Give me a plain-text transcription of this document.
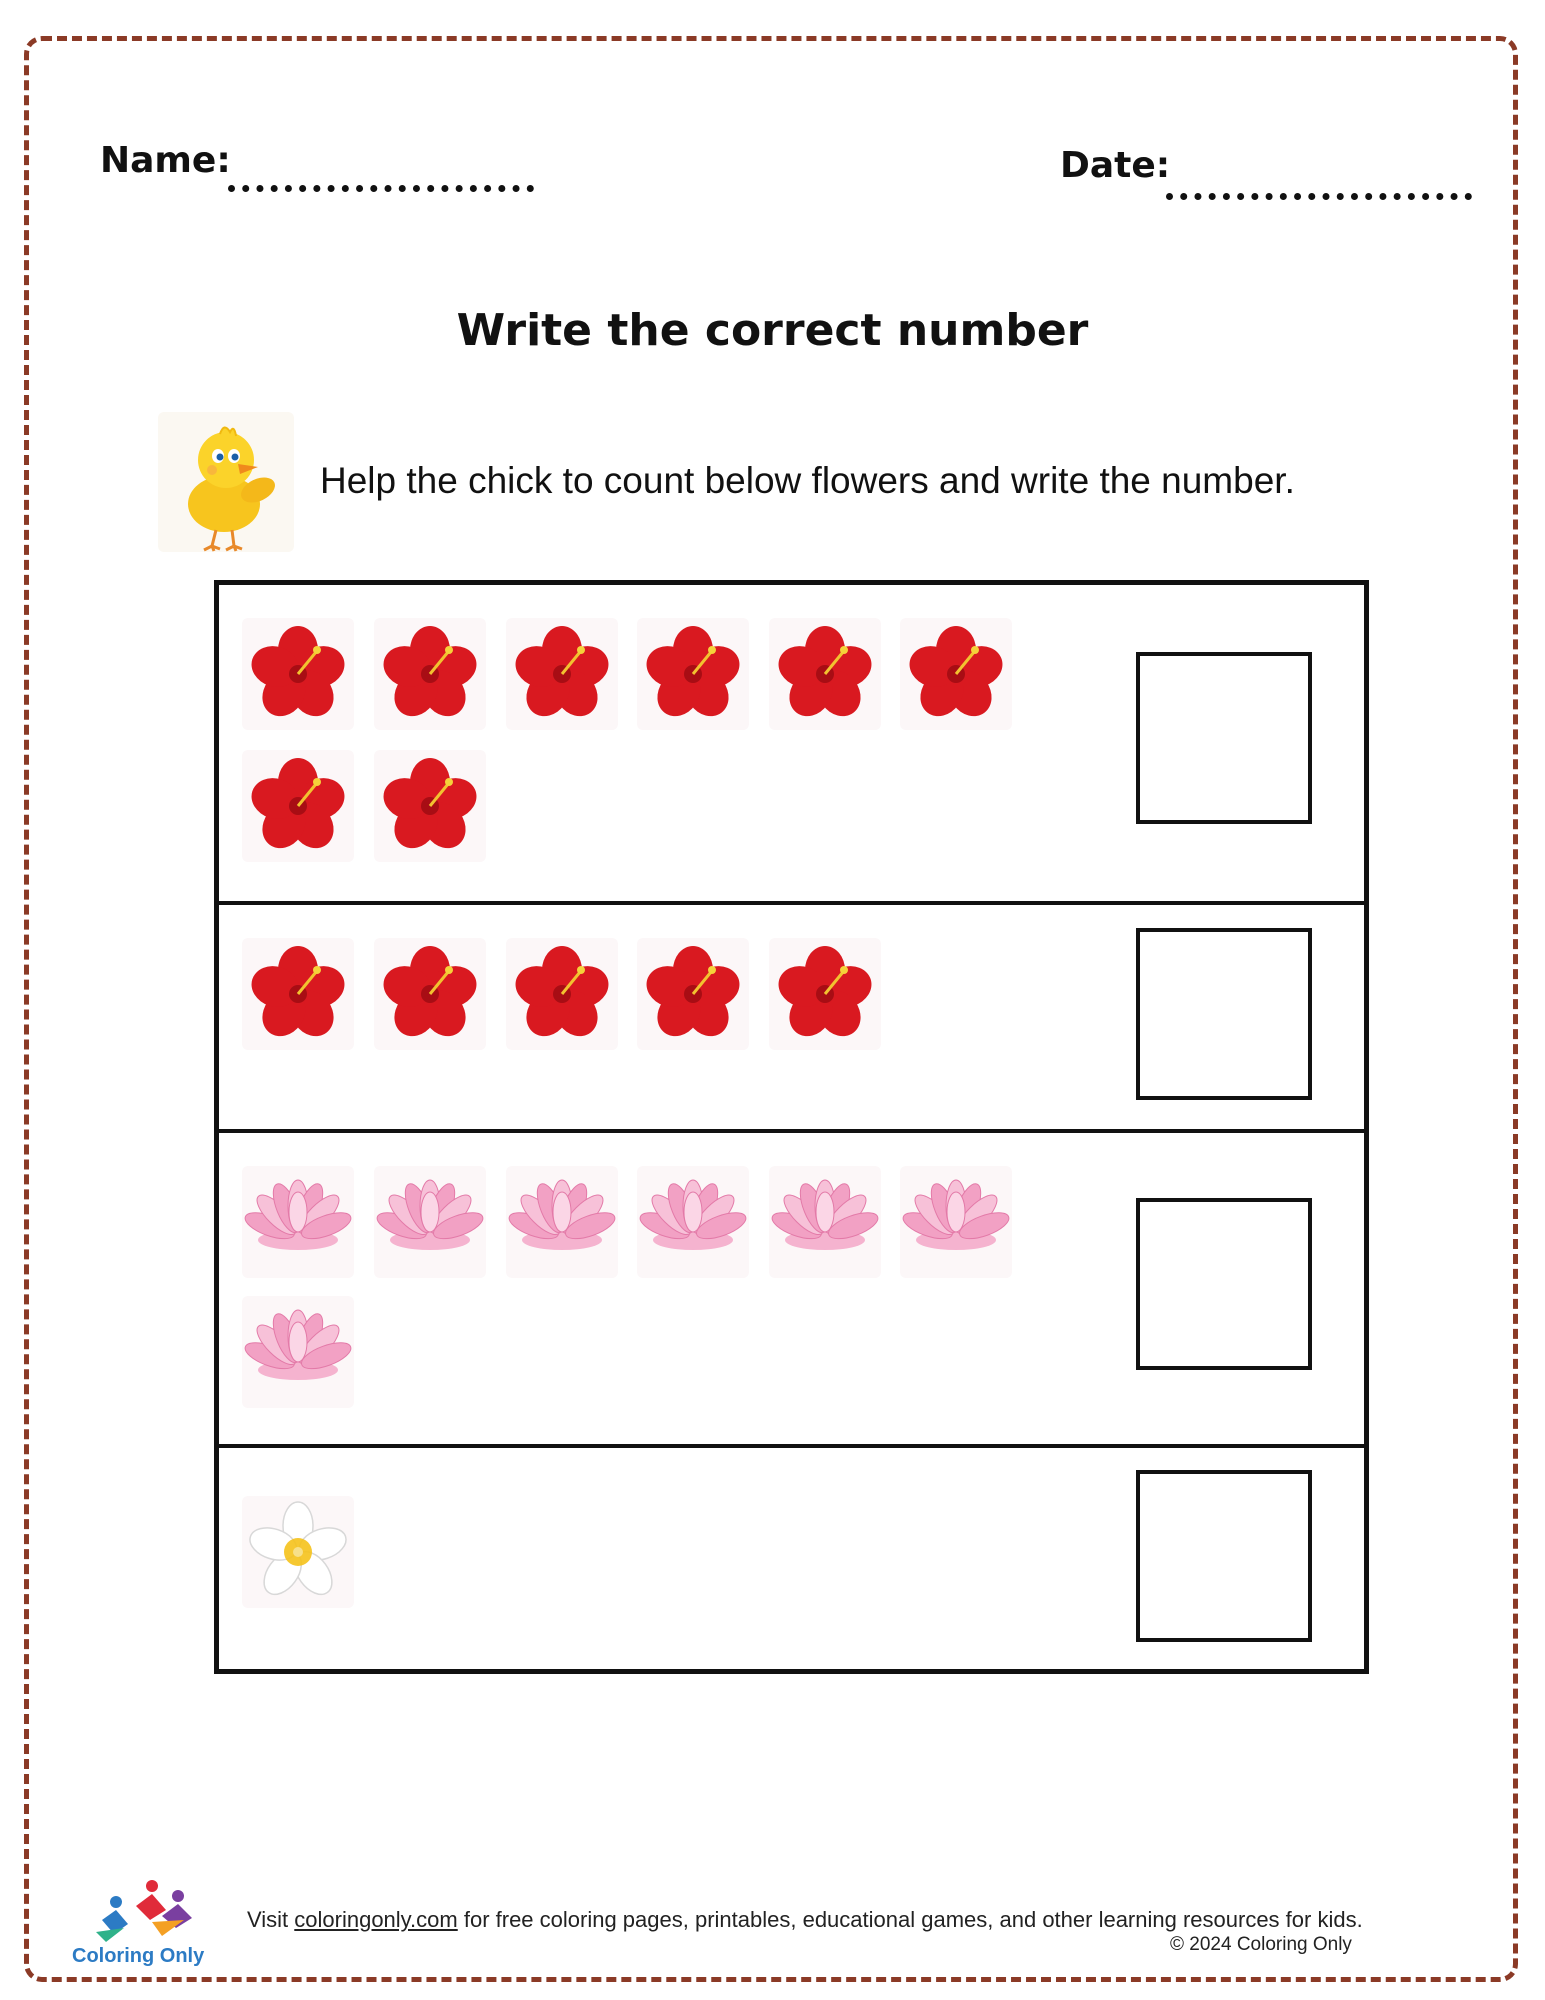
Name:	Date:
Write the correct number
Help the chick to count below flowers and write the number.
Coloring Only
Visit coloringonly.com for free coloring pages, printables, educational games, and other learning resources for kids.
© 2024 Coloring Only
